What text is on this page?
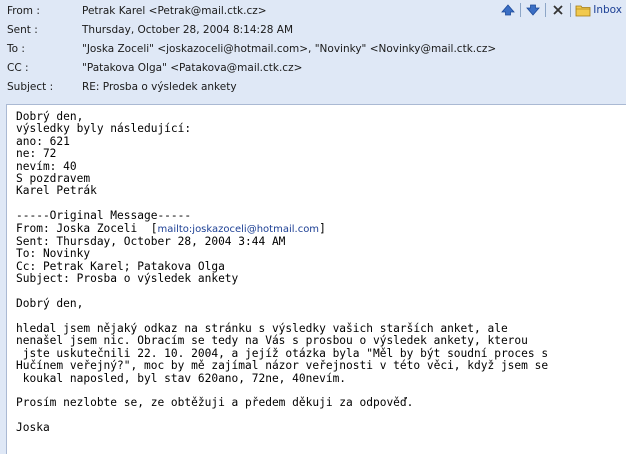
From :	Petrak Karel <Petrak@mail.ctk.cz>
Sent :	Thursday, October 28, 2004 8:14:28 AM
To :	"Joska Zoceli" <joskazoceli@hotmail.com>, "Novinky" <Novinky@mail.ctk.cz>
CC :	"Patakova Olga" <Patakova@mail.ctk.cz>
Subject :	RE: Prosba o výsledek ankety
Inbox
Dobrý den,
výsledky byly následující:
ano: 621
ne: 72
nevím: 40
S pozdravem
Karel Petrák

-----Original Message-----
From: Joska Zoceli  [mailto:joskazoceli@hotmail.com]
Sent: Thursday, October 28, 2004 3:44 AM
To: Novinky
Cc: Petrak Karel; Patakova Olga
Subject: Prosba o výsledek ankety

Dobrý den,

hledal jsem nějaký odkaz na stránku s výsledky vašich starších anket, ale
nenašel jsem nic. Obracím se tedy na Vás s prosbou o výsledek ankety, kterou
jste uskutečnili 22. 10. 2004, a jejíž otázka byla "Měl by být soudní proces s
Hučínem veřejný?", moc by mě zajímal názor veřejnosti v této věci, když jsem se
koukal naposled, byl stav 620ano, 72ne, 40nevím.

Prosím nezlobte se, ze obtěžuji a předem děkuji za odpověď.

Joska
